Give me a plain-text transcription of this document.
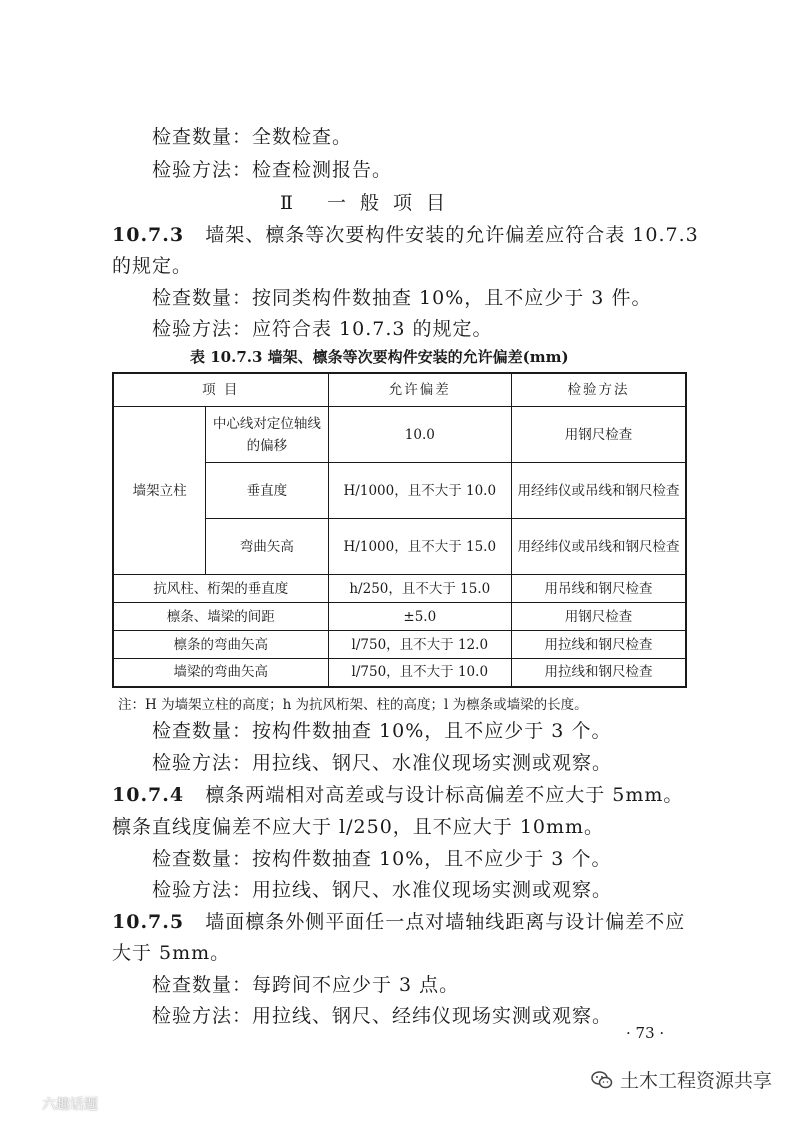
检查数量：全数检查。
检验方法：检查检测报告。
Ⅱ 一般项目
10.7.3 墙架、檩条等次要构件安装的允许偏差应符合表 10.7.3
的规定。
检查数量：按同类构件数抽查 10%，且不应少于 3 件。
检验方法：应符合表 10.7.3 的规定。
表 10.7.3 墙架、檩条等次要构件安装的允许偏差(mm)
项 目		允许偏差	检验方法
墙架立柱	中心线对定位轴线的偏移	10.0	用钢尺检查
	垂直度	H/1000，且不大于 10.0	用经纬仪或吊线和钢尺检查
	弯曲矢高	H/1000，且不大于 15.0	用经纬仪或吊线和钢尺检查
抗风柱、桁架的垂直度		h/250，且不大于 15.0	用吊线和钢尺检查
檩条、墙梁的间距		±5.0	用钢尺检查
檩条的弯曲矢高		l/750，且不大于 12.0	用拉线和钢尺检查
墙梁的弯曲矢高		l/750，且不大于 10.0	用拉线和钢尺检查
注：H 为墙架立柱的高度；h 为抗风桁架、柱的高度；l 为檩条或墙梁的长度。
检查数量：按构件数抽查 10%，且不应少于 3 个。
检验方法：用拉线、钢尺、水准仪现场实测或观察。
10.7.4 檩条两端相对高差或与设计标高偏差不应大于 5mm。
檩条直线度偏差不应大于 l/250，且不应大于 10mm。
检查数量：按构件数抽查 10%，且不应少于 3 个。
检验方法：用拉线、钢尺、水准仪现场实测或观察。
10.7.5 墙面檩条外侧平面任一点对墙轴线距离与设计偏差不应
大于 5mm。
检查数量：每跨间不应少于 3 点。
检验方法：用拉线、钢尺、经纬仪现场实测或观察。
· 73 ·
土木工程资源共享
六趣话题
